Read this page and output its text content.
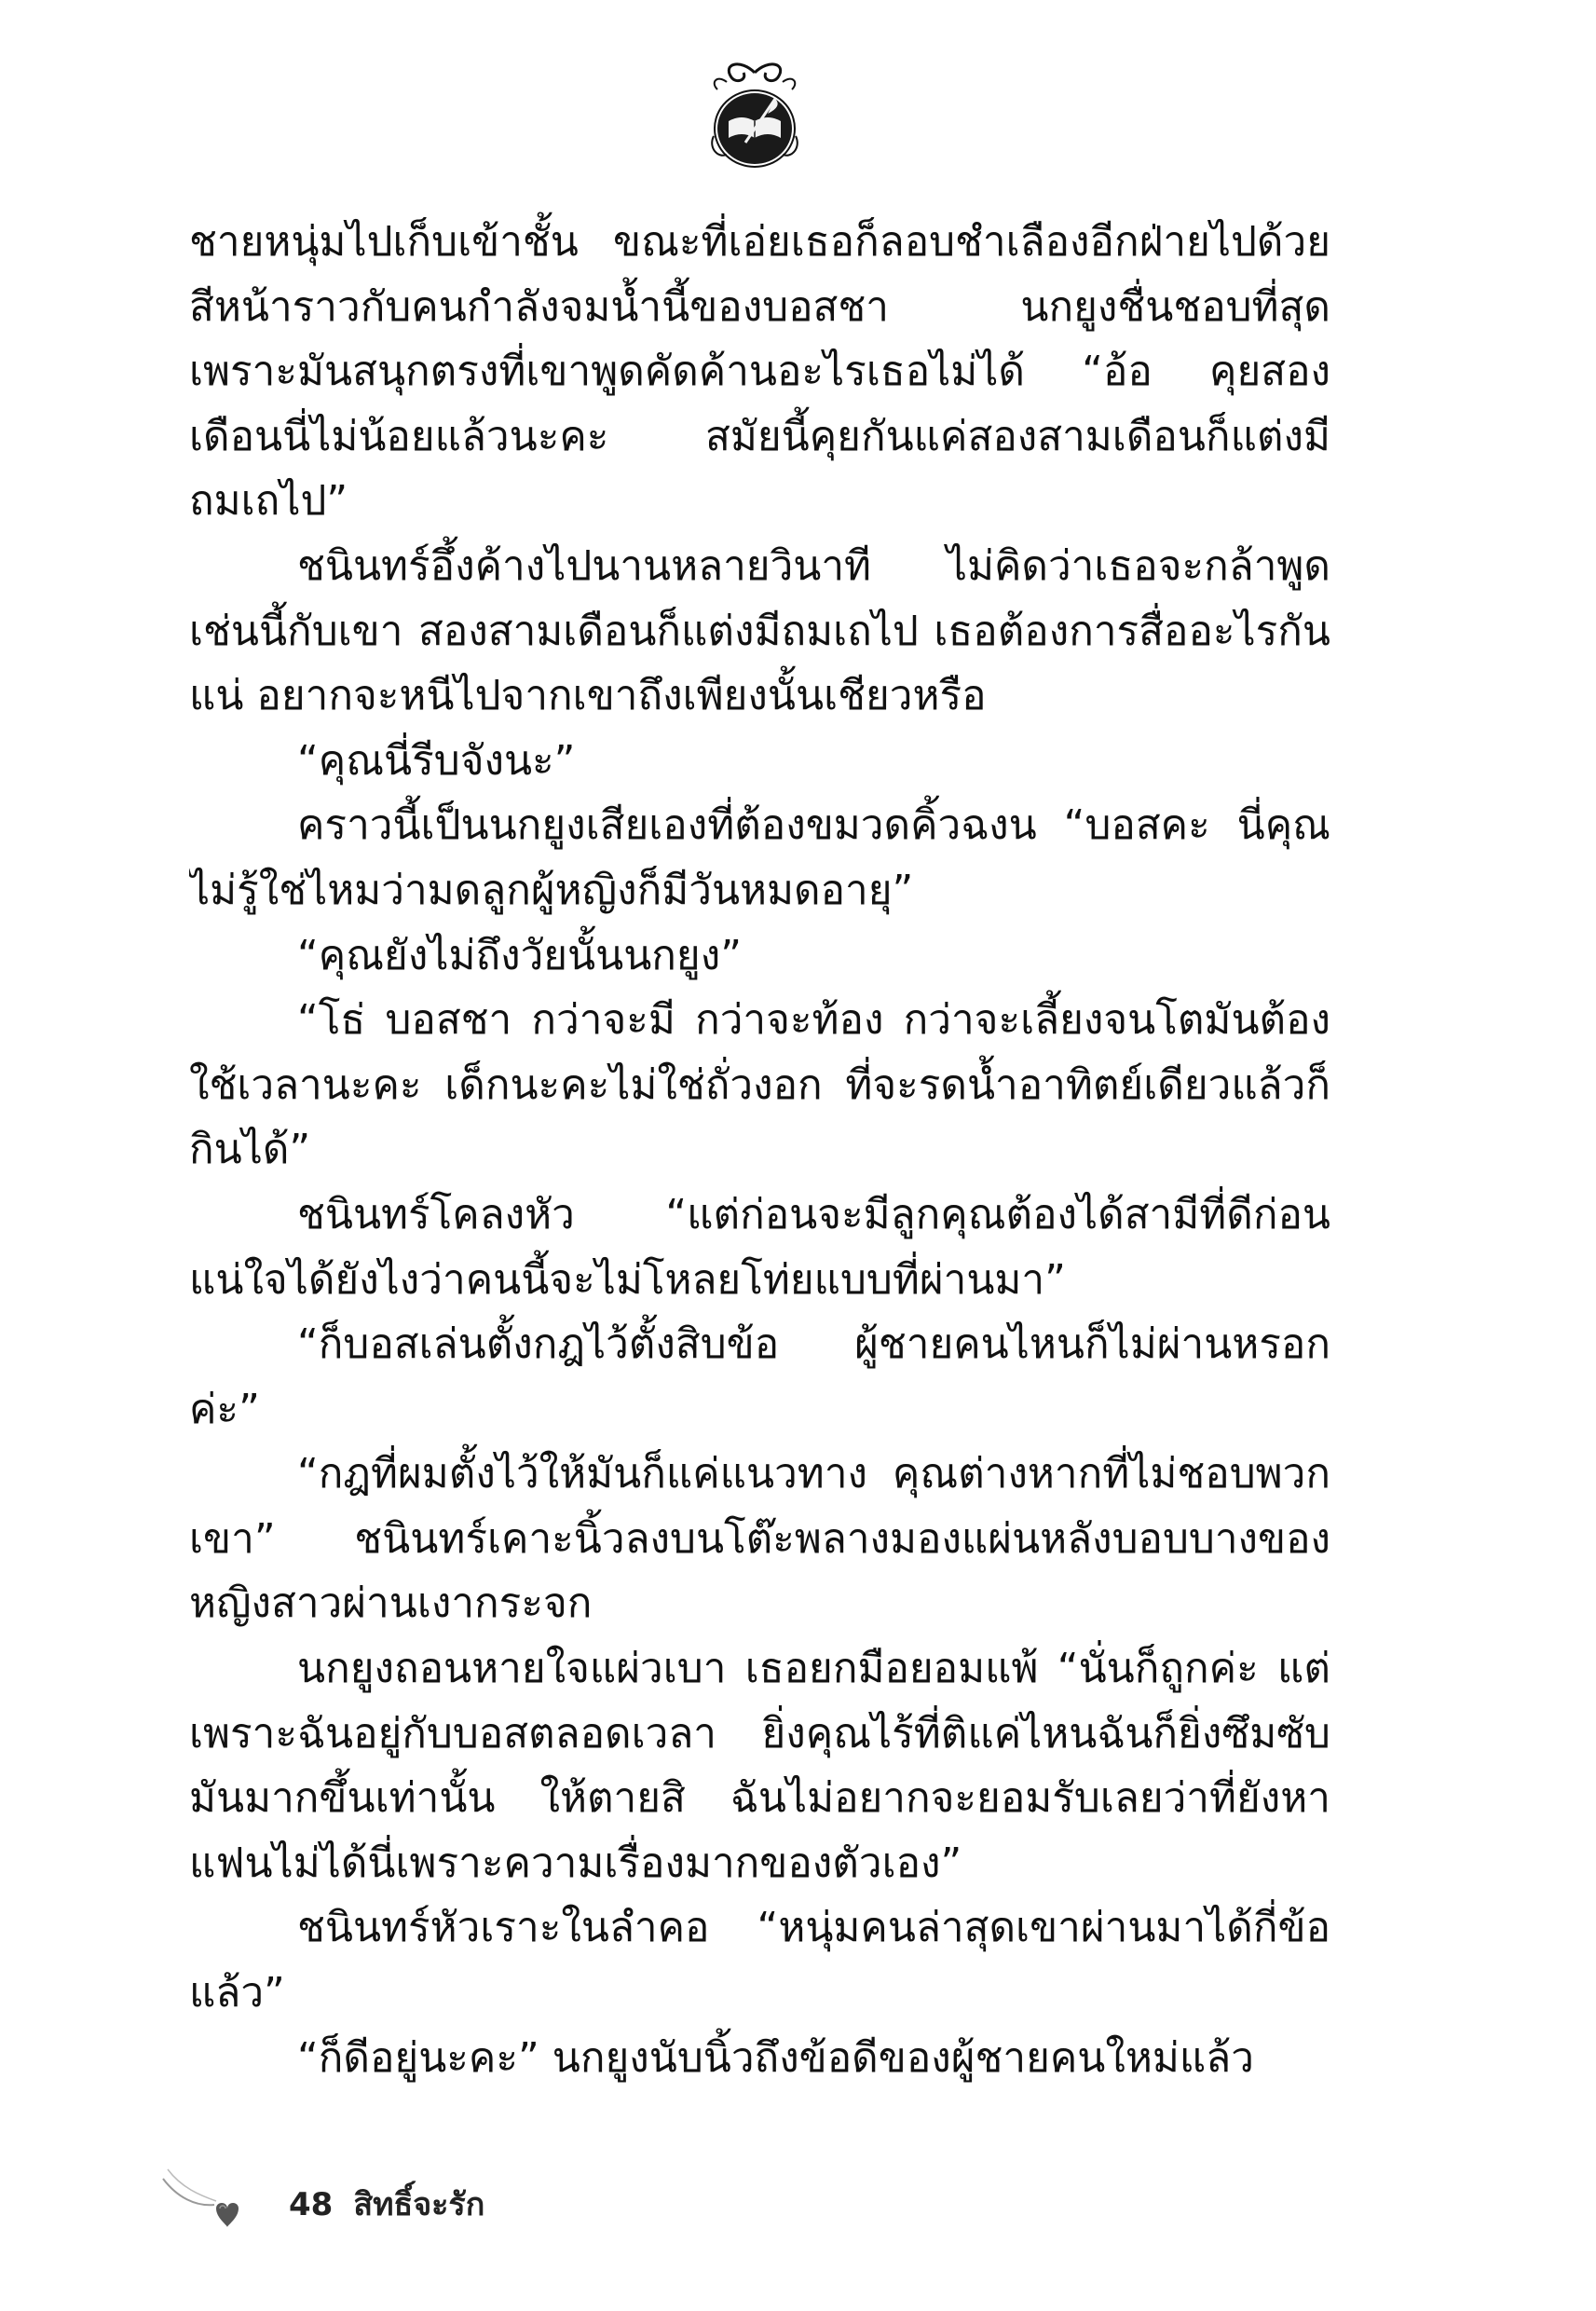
ชายหนุ่มไปเก็บเข้าชั้น ขณะที่เอ่ยเธอก็ลอบชำเลืองอีกฝ่ายไปด้วยสีหน้าราวกับคนกำลังจมน้ำนี้ของบอสชา นกยูงชื่นชอบที่สุด เพราะมันสนุกตรงที่เขาพูดคัดค้านอะไรเธอไม่ได้ “อ้อ คุยสองเดือนนี่ไม่น้อยแล้วนะคะ สมัยนี้คุยกันแค่สองสามเดือนก็แต่งมีถมเถไป”

ชนินทร์อึ้งค้างไปนานหลายวินาที ไม่คิดว่าเธอจะกล้าพูดเช่นนี้กับเขา สองสามเดือนก็แต่งมีถมเถไป เธอต้องการสื่ออะไรกันแน่ อยากจะหนีไปจากเขาถึงเพียงนั้นเชียวหรือ

“คุณนี่รีบจังนะ”

คราวนี้เป็นนกยูงเสียเองที่ต้องขมวดคิ้วฉงน “บอสคะ นี่คุณไม่รู้ใช่ไหมว่ามดลูกผู้หญิงก็มีวันหมดอายุ”

“คุณยังไม่ถึงวัยนั้นนกยูง”

“โธ่ บอสชา กว่าจะมี กว่าจะท้อง กว่าจะเลี้ยงจนโตมันต้องใช้เวลานะคะ เด็กนะคะไม่ใช่ถั่วงอก ที่จะรดน้ำอาทิตย์เดียวแล้วก็กินได้”

ชนินทร์โคลงหัว “แต่ก่อนจะมีลูกคุณต้องได้สามีที่ดีก่อนแน่ใจได้ยังไงว่าคนนี้จะไม่โหลยโท่ยแบบที่ผ่านมา”

“ก็บอสเล่นตั้งกฎไว้ตั้งสิบข้อ ผู้ชายคนไหนก็ไม่ผ่านหรอกค่ะ”

“กฎที่ผมตั้งไว้ให้มันก็แค่แนวทาง คุณต่างหากที่ไม่ชอบพวกเขา” ชนินทร์เคาะนิ้วลงบนโต๊ะพลางมองแผ่นหลังบอบบางของหญิงสาวผ่านเงากระจก

นกยูงถอนหายใจแผ่วเบา เธอยกมือยอมแพ้ “นั่นก็ถูกค่ะ แต่เพราะฉันอยู่กับบอสตลอดเวลา ยิ่งคุณไร้ที่ติแค่ไหนฉันก็ยิ่งซึมซับมันมากขึ้นเท่านั้น ให้ตายสิ ฉันไม่อยากจะยอมรับเลยว่าที่ยังหาแฟนไม่ได้นี่เพราะความเรื่องมากของตัวเอง”

ชนินทร์หัวเราะในลำคอ “หนุ่มคนล่าสุดเขาผ่านมาได้กี่ข้อแล้ว”

“ก็ดีอยู่นะคะ” นกยูงนับนิ้วถึงข้อดีของผู้ชายคนใหม่แล้ว

48 สิทธิ์จะรัก
